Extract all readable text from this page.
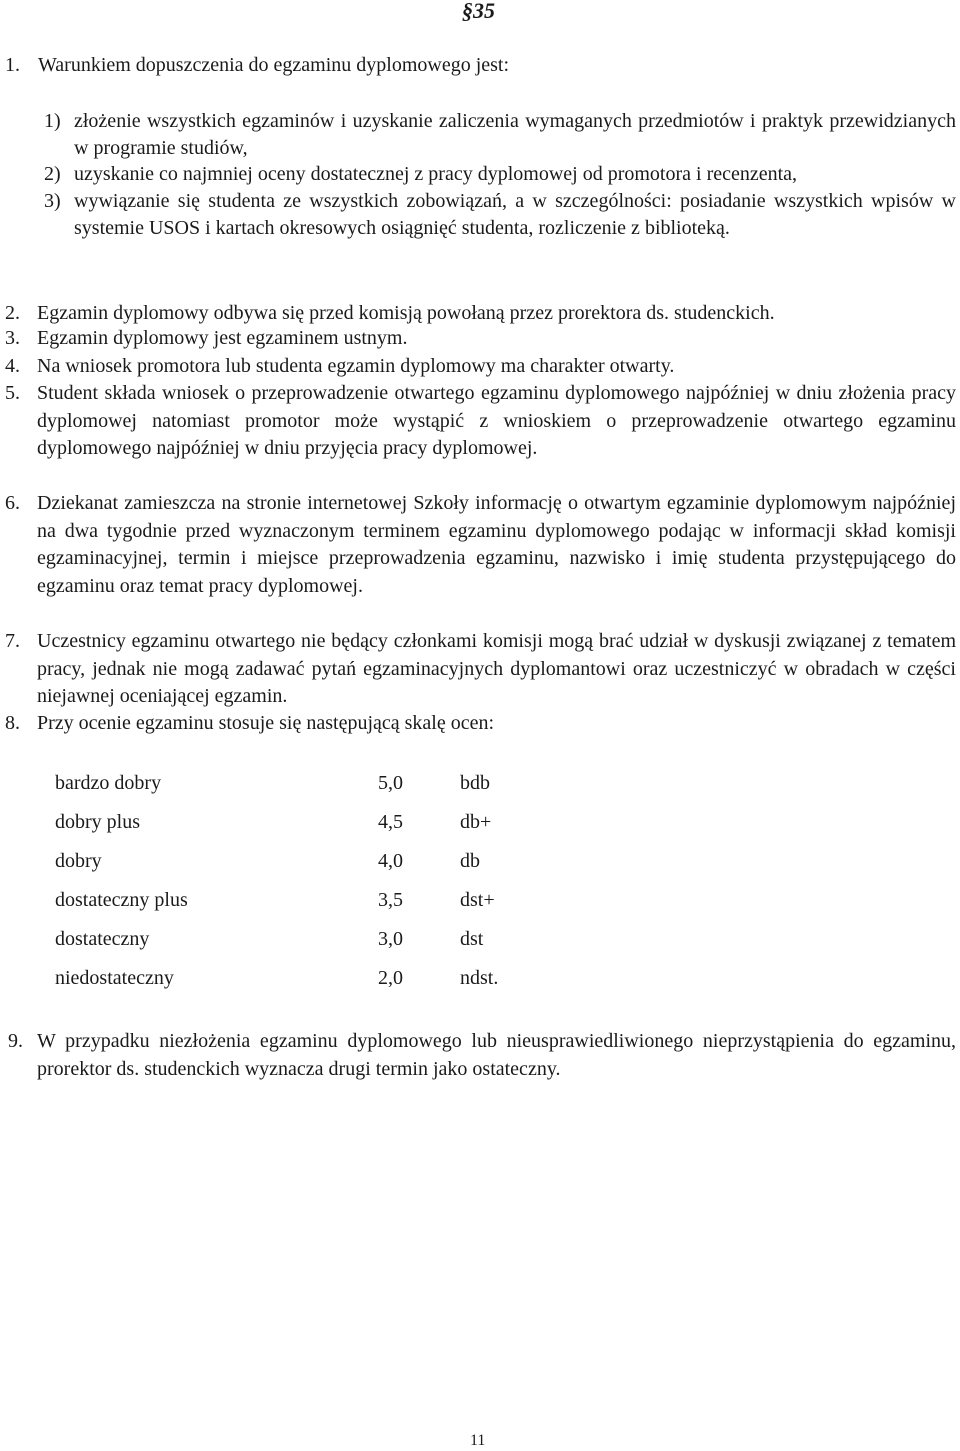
§35
1. Warunkiem dopuszczenia do egzaminu dyplomowego jest:
1) złożenie wszystkich egzaminów i uzyskanie zaliczenia wymaganych przedmiotów i praktyk przewidzianych w programie studiów,
2) uzyskanie co najmniej oceny dostatecznej z pracy dyplomowej od promotora i recenzenta,
3) wywiązanie się studenta ze wszystkich zobowiązań, a w szczególności: posiadanie wszystkich wpisów w systemie USOS i kartach okresowych osiągnięć studenta, rozliczenie z biblioteką.
2. Egzamin dyplomowy odbywa się przed komisją powołaną przez prorektora ds. studenckich.
3. Egzamin dyplomowy jest egzaminem ustnym.
4. Na wniosek promotora lub studenta egzamin dyplomowy ma charakter otwarty.
5. Student składa wniosek o przeprowadzenie otwartego egzaminu dyplomowego najpóźniej w dniu złożenia pracy dyplomowej natomiast promotor może wystąpić z wnioskiem o przeprowadzenie otwartego egzaminu dyplomowego najpóźniej w dniu przyjęcia pracy dyplomowej.
6. Dziekanat zamieszcza na stronie internetowej Szkoły informację o otwartym egzaminie dyplomowym najpóźniej na dwa tygodnie przed wyznaczonym terminem egzaminu dyplomowego podając w informacji skład komisji egzaminacyjnej, termin i miejsce przeprowadzenia egzaminu, nazwisko i imię studenta przystępującego do egzaminu oraz temat pracy dyplomowej.
7. Uczestnicy egzaminu otwartego nie będący członkami komisji mogą brać udział w dyskusji związanej z tematem pracy, jednak nie mogą zadawać pytań egzaminacyjnych dyplomantowi oraz uczestniczyć w obradach w części niejawnej oceniającej egzamin.
8. Przy ocenie egzaminu stosuje się następującą skalę ocen:
bardzo dobry	5,0	bdb
dobry plus	4,5	db+
dobry	4,0	db
dostateczny plus	3,5	dst+
dostateczny	3,0	dst
niedostateczny	2,0	ndst.
9. W przypadku niezłożenia egzaminu dyplomowego lub nieusprawiedliwionego nieprzystąpienia do egzaminu, prorektor ds. studenckich wyznacza drugi termin jako ostateczny.
11
